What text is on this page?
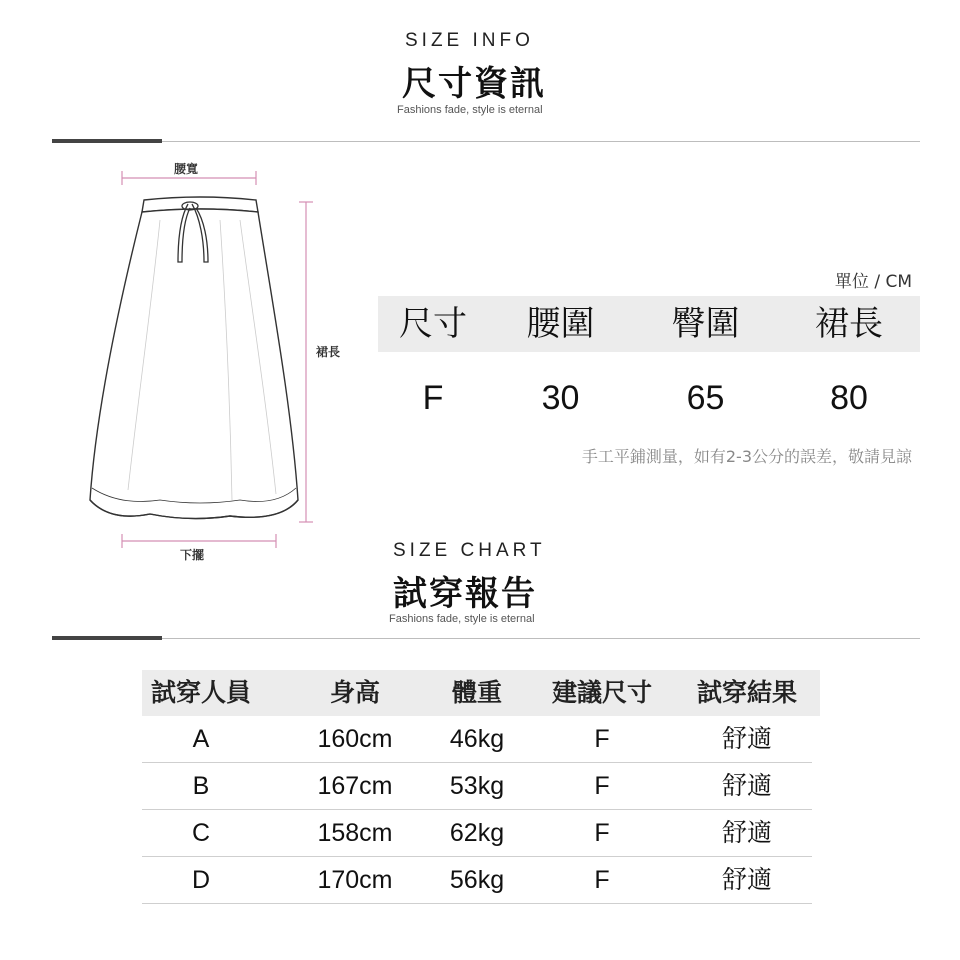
SIZE INFO
尺寸資訊
Fashions fade, style is eternal
腰寬
裙長
下擺
單位 / CM
尺寸	腰圍	臀圍	裙長
F	30	65	80
手工平鋪測量，如有2-3公分的誤差，敬請見諒
SIZE CHART
試穿報告
Fashions fade, style is eternal
試穿人員	身高	體重	建議尺寸	試穿結果
A	160cm	46kg	F	舒適
B	167cm	53kg	F	舒適
C	158cm	62kg	F	舒適
D	170cm	56kg	F	舒適
